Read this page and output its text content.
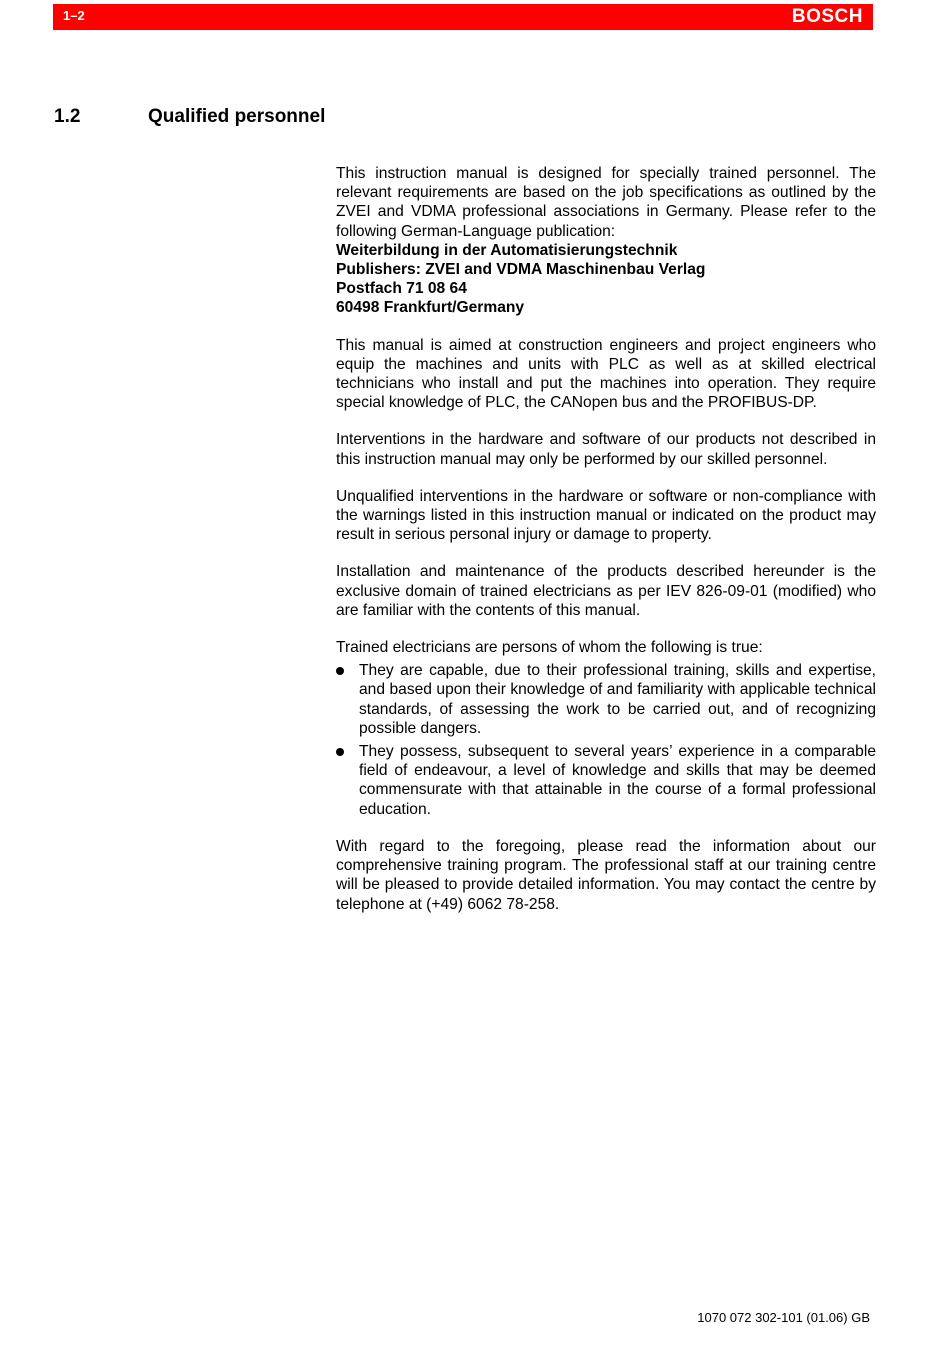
1–2	BOSCH
1.2	Qualified personnel

This instruction manual is designed for specially trained personnel. The relevant requirements are based on the job specifications as outlined by the ZVEI and VDMA professional associations in Germany. Please refer to the following German-Language publication:
Weiterbildung in der Automatisierungstechnik
Publishers: ZVEI and VDMA Maschinenbau Verlag
Postfach 71 08 64
60498 Frankfurt/Germany

This manual is aimed at construction engineers and project engineers who equip the machines and units with PLC as well as at skilled electrical technicians who install and put the machines into operation. They require special knowledge of PLC, the CANopen bus and the PROFIBUS-DP.

Interventions in the hardware and software of our products not described in this instruction manual may only be performed by our skilled personnel.

Unqualified interventions in the hardware or software or non-compliance with the warnings listed in this instruction manual or indicated on the product may result in serious personal injury or damage to property.

Installation and maintenance of the products described hereunder is the exclusive domain of trained electricians as per IEV 826-09-01 (modified) who are familiar with the contents of this manual.

Trained electricians are persons of whom the following is true:

They are capable, due to their professional training, skills and expertise, and based upon their knowledge of and familiarity with applicable technical standards, of assessing the work to be carried out, and of recognizing possible dangers.
They possess, subsequent to several years’ experience in a comparable field of endeavour, a level of knowledge and skills that may be deemed commensurate with that attainable in the course of a formal professional education.

With regard to the foregoing, please read the information about our comprehensive training program. The professional staff at our training centre will be pleased to provide detailed information. You may contact the centre by telephone at (+49) 6062 78-258.

1070 072 302-101 (01.06) GB
